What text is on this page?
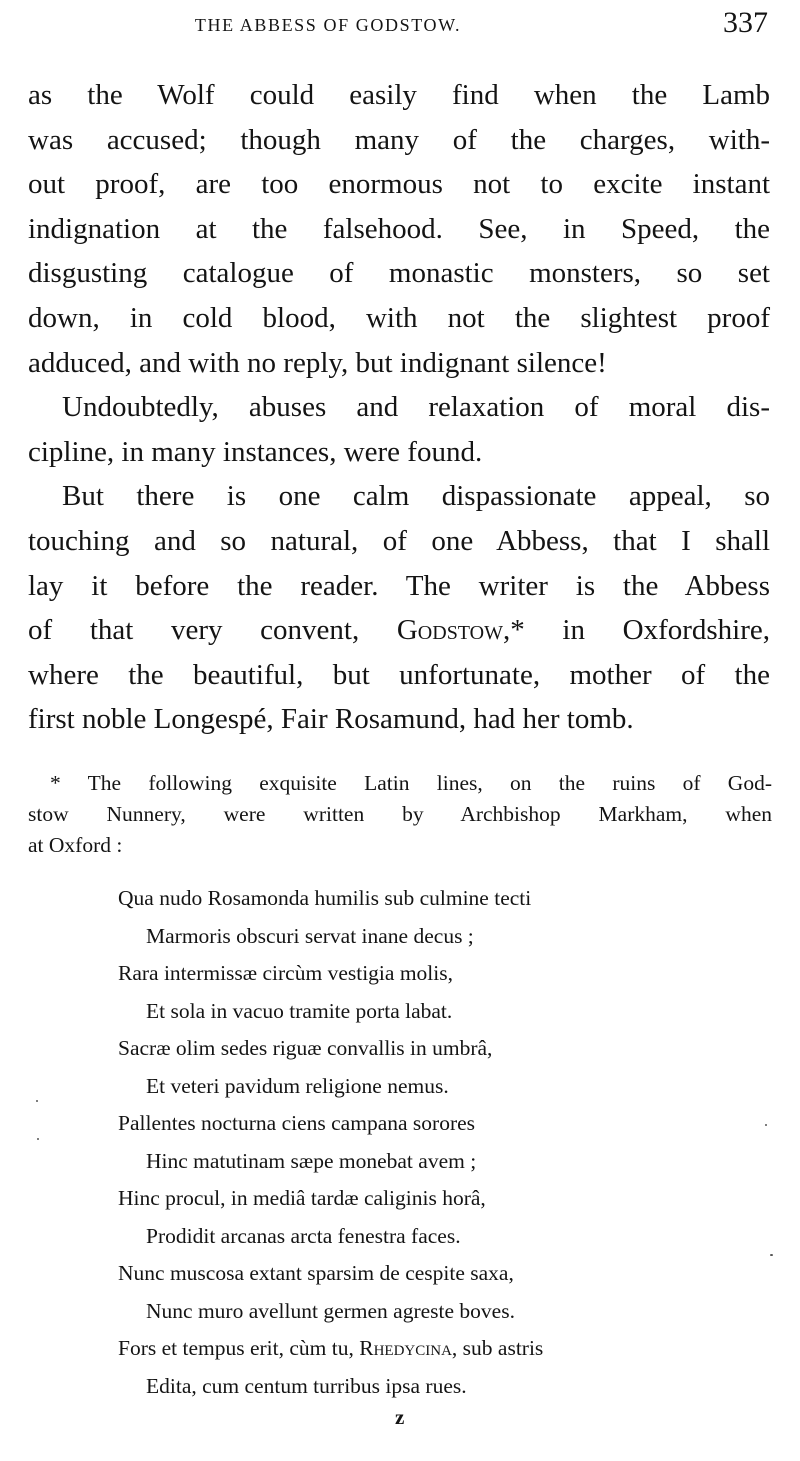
THE ABBESS OF GODSTOW.	337
as the Wolf could easily find when the Lamb
was accused; though many of the charges, with-
out proof, are too enormous not to excite instant
indignation at the falsehood. See, in Speed, the
disgusting catalogue of monastic monsters, so set
down, in cold blood, with not the slightest proof
adduced, and with no reply, but indignant silence!
Undoubtedly, abuses and relaxation of moral dis-
cipline, in many instances, were found.
But there is one calm dispassionate appeal, so
touching and so natural, of one Abbess, that I shall
lay it before the reader. The writer is the Abbess
of that very convent, Godstow,* in Oxfordshire,
where the beautiful, but unfortunate, mother of the
first noble Longespé, Fair Rosamund, had her tomb.
* The following exquisite Latin lines, on the ruins of God-
stow Nunnery, were written by Archbishop Markham, when
at Oxford :
Qua nudo Rosamonda humilis sub culmine tecti
Marmoris obscuri servat inane decus ;
Rara intermissæ circùm vestigia molis,
Et sola in vacuo tramite porta labat.
Sacræ olim sedes riguæ convallis in umbrâ,
Et veteri pavidum religione nemus.
Pallentes nocturna ciens campana sorores
Hinc matutinam sæpe monebat avem ;
Hinc procul, in mediâ tardæ caliginis horâ,
Prodidit arcanas arcta fenestra faces.
Nunc muscosa extant sparsim de cespite saxa,
Nunc muro avellunt germen agreste boves.
Fors et tempus erit, cùm tu, Rhedycina, sub astris
Edita, cum centum turribus ipsa rues.
z
